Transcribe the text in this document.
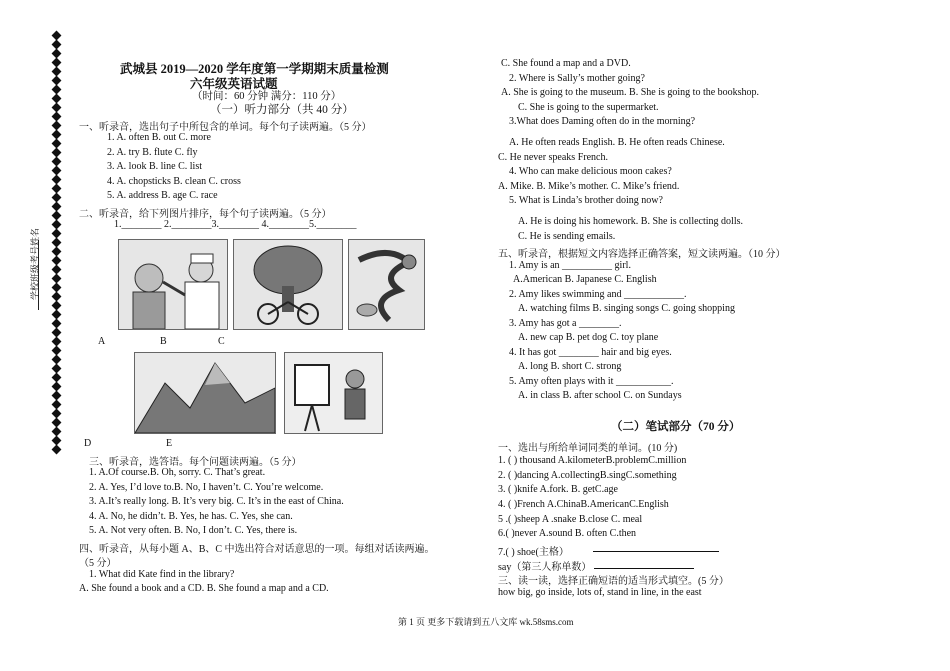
学校班级考号姓名
武城县 2019—2020 学年度第一学期期末质量检测
六年级英语试题
（时间：60 分钟 满分：110 分）
（一）听力部分（共 40 分）
一、听录音，选出句子中所包含的单词。每个句子读两遍。（5 分）
1. A. often B. out C. more
2. A. try B. flute C. fly
3. A. look B. line C. list
4. A. chopsticks B. clean C. cross
5. A. address B. age C. race
二、听录音，给下列图片排序，每个句子读两遍。（5 分）
1.________ 2.________3.________ 4.________5.________
A	B	C
D	E
三、听录音，选答语。每个问题读两遍。（5 分）
1. A.Of course.B. Oh, sorry. C. That’s great.
2. A. Yes, I’d love to.B. No, I haven’t. C. You’re welcome.
3. A.It’s really long. B. It’s very big. C. It’s in the east of China.
4. A. No, he didn’t. B. Yes, he has. C. Yes, she can.
5. A. Not very often. B. No, I don’t. C. Yes, there is.
四、听录音，从每小题 A、B、C 中选出符合对话意思的一项。每组对话读两遍。
（5 分）
1. What did Kate find in the library?
A. She found a book and a CD. B. She found a map and a CD.
C. She found a map and a DVD.
2. Where is Sally’s mother going?
A. She is going to the museum. B. She is going to the bookshop.
C. She is going to the supermarket.
3.What does Daming often do in the morning?
A. He often reads English. B. He often reads Chinese.
C. He never speaks French.
4. Who can make delicious moon cakes?
A. Mike. B. Mike’s mother. C. Mike’s friend.
5. What is Linda’s brother doing now?
A. He is doing his homework. B. She is collecting dolls.
C. He is sending emails.
五、听录音，根据短文内容选择正确答案，短文读两遍。（10 分）
1. Amy is an __________ girl.
A.American B. Japanese C. English
2. Amy likes swimming and ____________.
A. watching films B. singing songs C. going shopping
3. Amy has got a ________.
A. new cap B. pet dog C. toy plane
4. It has got ________ hair and big eyes.
A. long B. short C. strong
5. Amy often plays with it ___________.
A. in class B. after school C. on Sundays
（二）笔试部分（70 分）
一、选出与所给单词同类的单词。(10 分)
1. ( ) thousand A.kilometerB.problemC.million
2. ( )dancing A.collectingB.singC.something
3. ( )knife A.fork. B. getC.age
4. ( )French A.ChinaB.AmericanC.English
5 .( )sheep A .snake B.close C. meal
6.( )never A.sound B. often C.then
7.( ) shoe(主格）
say（第三人称单数）
三、读一读，选择正确短语的适当形式填空。(5 分）
how big, go inside, lots of, stand in line, in the east
第 1 页 更多下载请到五八文库 wk.58sms.com
